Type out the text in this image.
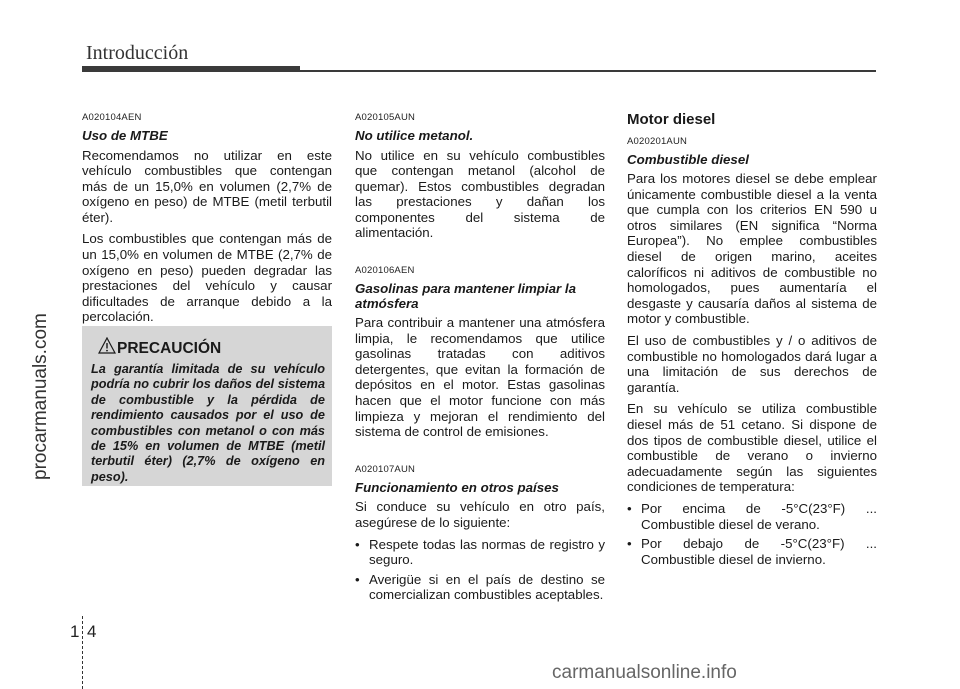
Introducción
A020104AEN
Uso de MTBE

Recomendamos no utilizar en este vehículo combustibles que contengan más de un 15,0% en volumen (2,7% de oxígeno en peso) de MTBE (metil terbutil éter).

Los combustibles que contengan más de un 15,0% en volumen de MTBE (2,7% de oxígeno en peso) pueden degradar las prestaciones del vehículo y causar dificultades de arranque debido a la percolación.

PRECAUCIÓN
La garantía limitada de su vehículo podría no cubrir los daños del sistema de combustible y la pérdida de rendimiento causados por el uso de combustibles con metanol o con más de 15% en volumen de MTBE (metil terbutil éter) (2,7% de oxígeno en peso).
A020105AUN
No utilice metanol.

No utilice en su vehículo combustibles que contengan metanol (alcohol de quemar). Estos combustibles degradan las prestaciones y dañan los componentes del sistema de alimentación.

A020106AEN
Gasolinas para mantener limpiar la atmósfera

Para contribuir a mantener una atmósfera limpia, le recomendamos que utilice gasolinas tratadas con aditivos detergentes, que evitan la formación de depósitos en el motor. Estas gasolinas hacen que el motor funcione con más limpieza y mejoran el rendimiento del sistema de control de emisiones.

A020107AUN
Funcionamiento en otros países

Si conduce su vehículo en otro país, asegúrese de lo siguiente:

• Respete todas las normas de registro y seguro.
• Averigüe si en el país de destino se comercializan combustibles aceptables.
Motor diesel
A020201AUN
Combustible diesel

Para los motores diesel se debe emplear únicamente combustible diesel a la venta que cumpla con los criterios EN 590 u otros similares (EN significa “Norma Europea”). No emplee combustibles diesel de origen marino, aceites caloríficos ni aditivos de combustible no homologados, pues aumentaría el desgaste y causaría daños al sistema de motor y combustible.

El uso de combustibles y / o aditivos de combustible no homologados dará lugar a una limitación de sus derechos de garantía.

En su vehículo se utiliza combustible diesel más de 51 cetano. Si dispone de dos tipos de combustible diesel, utilice el combustible de verano o invierno adecuadamente según las siguientes condiciones de temperatura:

• Por encima de -5°C(23°F) ... Combustible diesel de verano.
• Por debajo de -5°C(23°F) ... Combustible diesel de invierno.
procarmanuals.com
carmanualsonline.info
1 4
